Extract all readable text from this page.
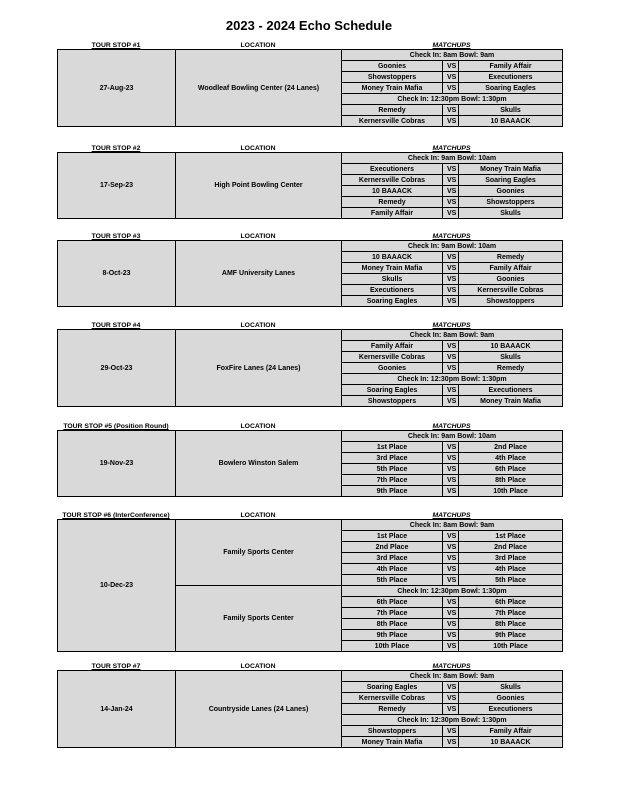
2023 - 2024 Echo Schedule
TOUR STOP #1	LOCATION	MATCHUPS
27-Aug-23	Woodleaf Bowling Center (24 Lanes)	Check In: 8am Bowl: 9am		
		Goonies	VS	Family Affair
		Showstoppers	VS	Executioners
		Money Train Mafia	VS	Soaring Eagles
		Check In: 12:30pm Bowl: 1:30pm		
		Remedy	VS	Skulls
		Kernersville Cobras	VS	10 BAAACK
TOUR STOP #2	LOCATION	MATCHUPS
17-Sep-23	High Point Bowling Center	Check In: 9am Bowl: 10am		
		Executioners	VS	Money Train Mafia
		Kernersville Cobras	VS	Soaring Eagles
		10 BAAACK	VS	Goonies
		Remedy	VS	Showstoppers
		Family Affair	VS	Skulls
TOUR STOP #3	LOCATION	MATCHUPS
8-Oct-23	AMF University Lanes	Check In: 9am Bowl: 10am		
		10 BAAACK	VS	Remedy
		Money Train Mafia	VS	Family Affair
		Skulls	VS	Goonies
		Executioners	VS	Kernersville Cobras
		Soaring Eagles	VS	Showstoppers
TOUR STOP #4	LOCATION	MATCHUPS
29-Oct-23	FoxFire Lanes (24 Lanes)	Check In: 8am Bowl: 9am		
		Family Affair	VS	10 BAAACK
		Kernersville Cobras	VS	Skulls
		Goonies	VS	Remedy
		Check In: 12:30pm Bowl: 1:30pm		
		Soaring Eagles	VS	Executioners
		Showstoppers	VS	Money Train Mafia
TOUR STOP #5 (Position Round)	LOCATION	MATCHUPS
19-Nov-23	Bowlero Winston Salem	Check In: 9am Bowl: 10am		
		1st Place	VS	2nd Place
		3rd Place	VS	4th Place
		5th Place	VS	6th Place
		7th Place	VS	8th Place
		9th Place	VS	10th Place
TOUR STOP #6 (InterConference)	LOCATION	MATCHUPS
10-Dec-23	Family Sports Center	Check In: 8am Bowl: 9am		
		1st Place	VS	1st Place
		2nd Place	VS	2nd Place
		3rd Place	VS	3rd Place
		4th Place	VS	4th Place
		5th Place	VS	5th Place
	Family Sports Center	Check In: 12:30pm Bowl: 1:30pm		
		6th Place	VS	6th Place
		7th Place	VS	7th Place
		8th Place	VS	8th Place
		9th Place	VS	9th Place
		10th Place	VS	10th Place
TOUR STOP #7	LOCATION	MATCHUPS
14-Jan-24	Countryside Lanes (24 Lanes)	Check In: 8am Bowl: 9am		
		Soaring Eagles	VS	Skulls
		Kernersville Cobras	VS	Goonies
		Remedy	VS	Executioners
		Check In: 12:30pm Bowl: 1:30pm		
		Showstoppers	VS	Family Affair
		Money Train Mafia	VS	10 BAAACK
